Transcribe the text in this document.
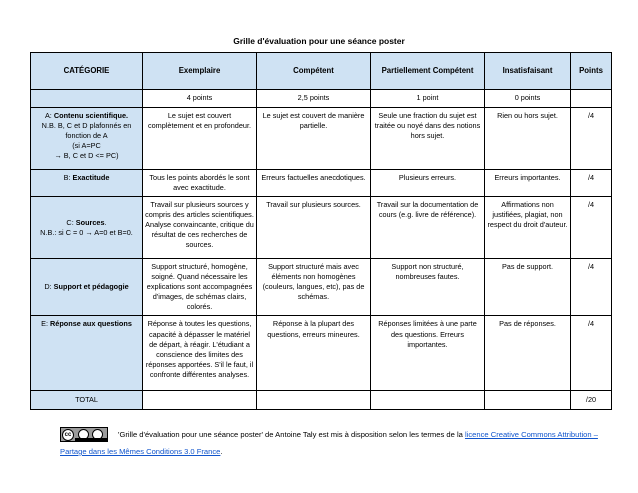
Grille d'évaluation pour une séance poster
CATÉGORIE	Exemplaire	Compétent	Partiellement Compétent	Insatisfaisant	Points
	4 points	2,5 points	1 point	0 points	
A: Contenu scientifique.
N.B. B, C et D plafonnés en fonction de A
(si A=PC
→ B, C et D <= PC)	Le sujet est couvert complètement et en profondeur.	Le sujet est couvert de manière partielle.	Seule une fraction du sujet est traitée ou noyé dans des notions hors sujet.	Rien ou hors sujet.	/4
B: Exactitude	Tous les points abordés le sont avec exactitude.	Erreurs factuelles anecdotiques.	Plusieurs erreurs.	Erreurs importantes.	/4
C: Sources.
N.B.: si C = 0 → A=0 et B=0.	Travail sur plusieurs sources y compris des articles scientifiques. Analyse convaincante, critique du résultat de ces recherches de sources.	Travail sur plusieurs sources.	Travail sur la documentation de cours (e.g. livre de référence).	Affirmations non justifiées, plagiat, non respect du droit d'auteur.	/4
D: Support et pédagogie	Support structuré, homogène, soigné. Quand nécessaire les explications sont accompagnées d'images, de schémas clairs, colorés.	Support structuré mais avec éléments non homogènes (couleurs, langues, etc), pas de schémas.	Support non structuré, nombreuses fautes.	Pas de support.	/4
E: Réponse aux questions	Réponse à toutes les questions, capacité à dépasser le matériel de départ, à réagir. L'étudiant a conscience des limites des réponses apportées. S'il le faut, il confronte différentes analyses.	Réponse à la plupart des questions, erreurs mineures.	Réponses limitées à une parte des questions. Erreurs importantes.	Pas de réponses.	/4
TOTAL					/20
cc	'Grille d'évaluation pour une séance poster' de Antoine Taly est mis à disposition selon les termes de la licence Creative Commons Attribution – Partage dans les Mêmes Conditions 3.0 France.
